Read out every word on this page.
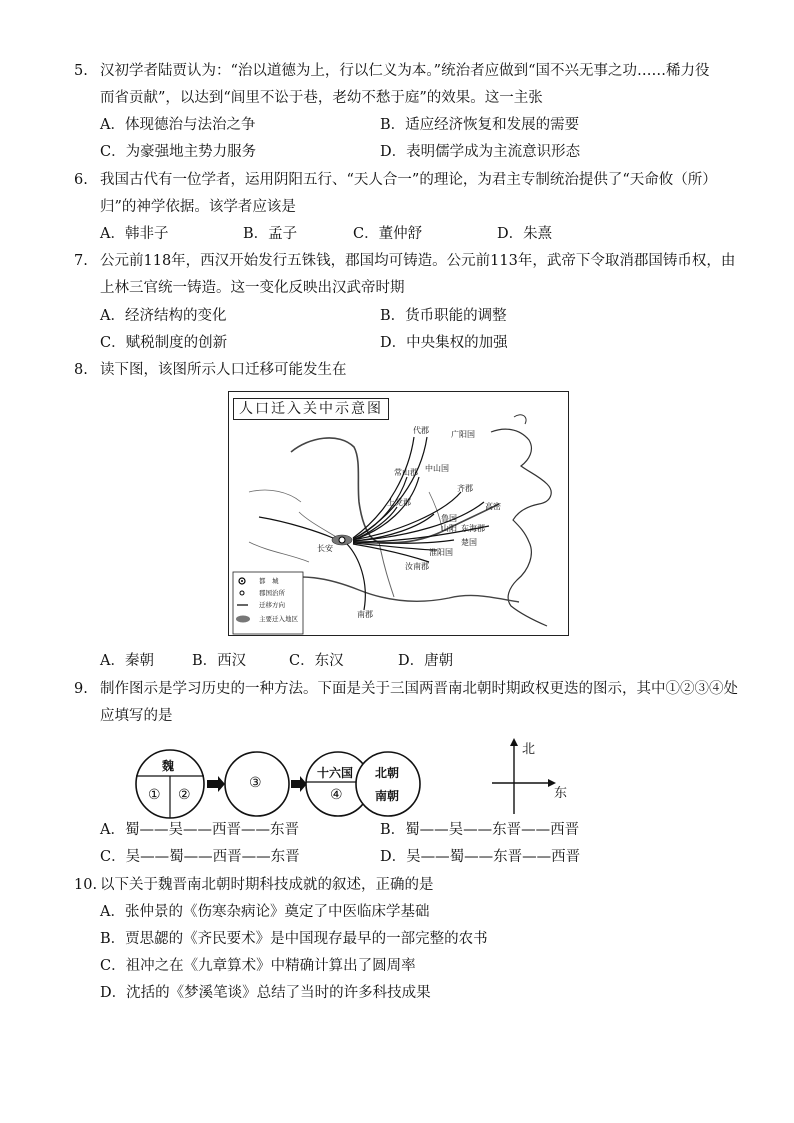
5. 汉初学者陆贾认为：“治以道德为上，行以仁义为本。”统治者应做到“国不兴无事之功……稀力役
而省贡献”，以达到“闾里不讼于巷，老幼不愁于庭”的效果。这一主张
A．体现德治与法治之争	B．适应经济恢复和发展的需要
C．为豪强地主势力服务	D．表明儒学成为主流意识形态
6. 我国古代有一位学者，运用阴阳五行、“天人合一”的理论，为君主专制统治提供了“天命攸（所）
归”的神学依据。该学者应该是
A．韩非子	B．孟子	C．董仲舒	D．朱熹
7. 公元前118年，西汉开始发行五铢钱，郡国均可铸造。公元前113年，武帝下令取消郡国铸币权，由
上林三官统一铸造。这一变化反映出汉武帝时期
A．经济结构的变化	B．货币职能的调整
C．赋税制度的创新	D．中央集权的加强
8. 读下图，该图所示人口迁移可能发生在
人口迁入关中示意图
代郡	广阳国
常山郡 中山国
齐郡
上党郡	高密
鲁国
山阳 东海郡
长安
楚国
淮阳国
汝南郡
南郡
都　城
郡国治所
迁移方向
主要迁入地区
A．秦朝	B．西汉	C．东汉	D．唐朝
9. 制作图示是学习历史的一种方法。下面是关于三国两晋南北朝时期政权更迭的图示，其中①②③④处
应填写的是
魏
① ②
③
十六国
④
北朝
南朝
北
东
A．蜀——吴——西晋——东晋	B．蜀——吴——东晋——西晋
C．吴——蜀——西晋——东晋	D．吴——蜀——东晋——西晋
10. 以下关于魏晋南北朝时期科技成就的叙述，正确的是
A．张仲景的《伤寒杂病论》奠定了中医临床学基础
B．贾思勰的《齐民要术》是中国现存最早的一部完整的农书
C．祖冲之在《九章算术》中精确计算出了圆周率
D．沈括的《梦溪笔谈》总结了当时的许多科技成果
